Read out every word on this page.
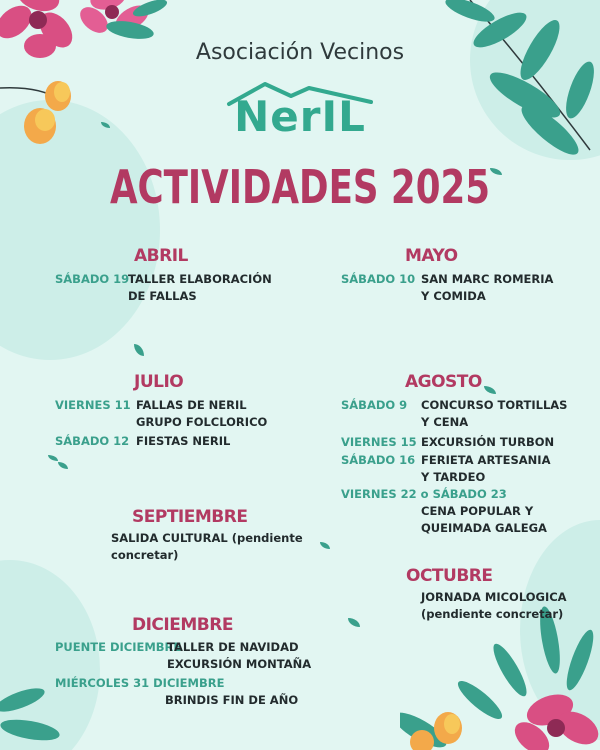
Asociación Vecinos
NerIL
ACTIVIDADES 2025
ABRIL
SÁBADO 19
TALLER ELABORACIÓN
DE FALLAS
MAYO
SÁBADO 10 SAN MARC ROMERIA
Y COMIDA
JULIO
VIERNES 11 FALLAS DE NERIL
GRUPO FOLCLORICO
SÁBADO 12 FIESTAS NERIL
AGOSTO
SÁBADO 9 CONCURSO TORTILLAS
Y CENA
VIERNES 15 EXCURSIÓN TURBON
SÁBADO 16 FERIETA ARTESANIA
Y TARDEO
VIERNES 22 o SÁBADO 23
CENA POPULAR Y
QUEIMADA GALEGA
SEPTIEMBRE
SALIDA CULTURAL (pendiente
concretar)
OCTUBRE
JORNADA MICOLOGICA
(pendiente concretar)
DICIEMBRE
PUENTE DICIEMBRE
TALLER DE NAVIDAD
EXCURSIÓN MONTAÑA
MIÉRCOLES 31 DICIEMBRE
BRINDIS FIN DE AÑO
